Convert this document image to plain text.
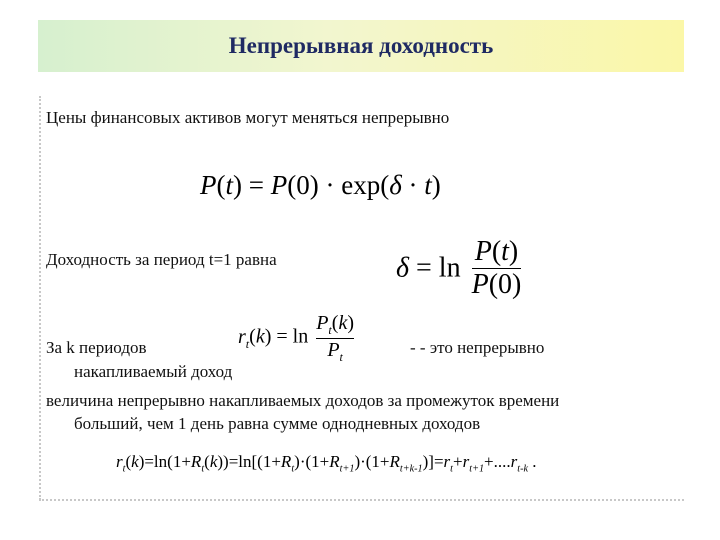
Непрерывная доходность
Цены финансовых активов могут меняться непрерывно
P(t) = P(0) · exp(δ · t)
Доходность за период t=1 равна	$\delta = \ln \frac{P(t)}{P(0)}$
За k периодов	$r_t(k) = \ln \frac{P_t(k)}{P_t}$	- - это непрерывно
накапливаемый доход
величина непрерывно накапливаемых доходов за промежуток времени
больший, чем 1 день равна сумме однодневных доходов
$r_t(k)=\ln(1+R_t(k))=\ln[(1+R_t)\cdot(1+R_{t+1})\cdot(1+R_{t+k-1})]=r_t+r_{t+1}+....r_{t-k}$ .
